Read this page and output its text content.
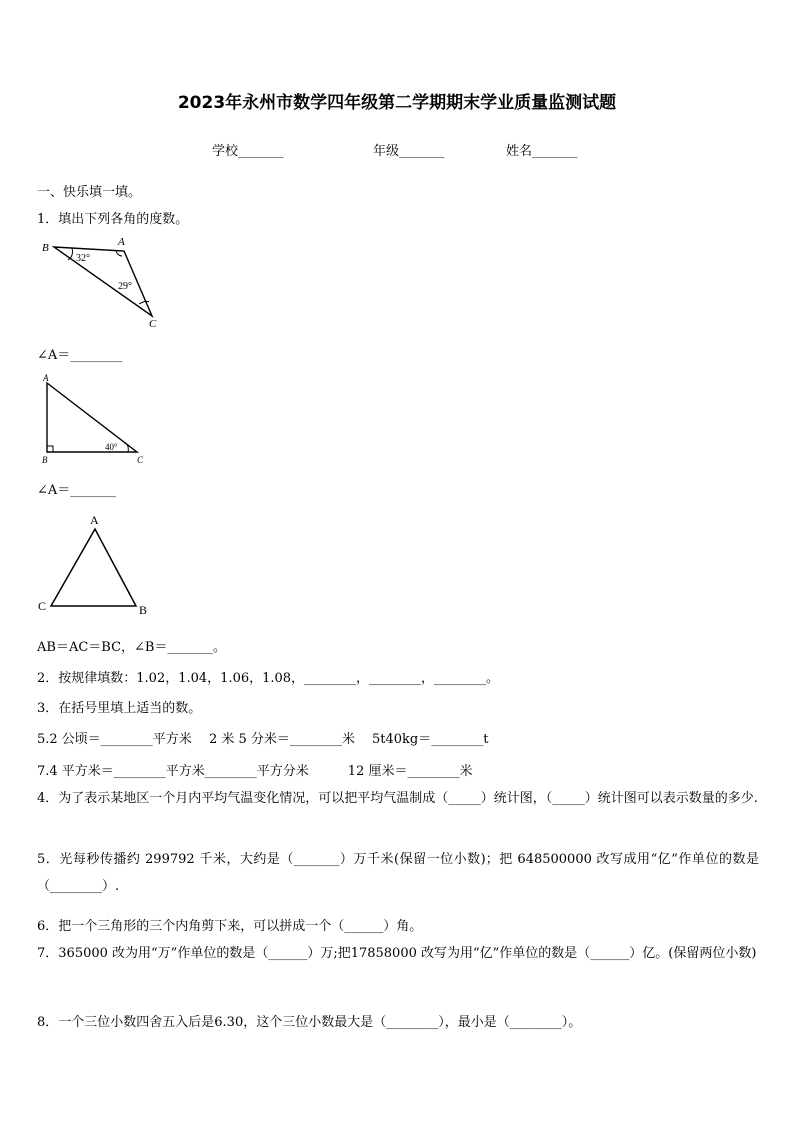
2023年永州市数学四年级第二学期期末学业质量监测试题
学校_______	年级_______	姓名_______
一、快乐填一填。
1．填出下列各角的度数。
B	A
C
32°
29°
∠A＝________
A
B	C
40°
∠A＝_______
A
C	B
AB＝AC＝BC，∠B＝_______。
2．按规律填数：1.02，1.04，1.06，1.08，________，________，________。
3．在括号里填上适当的数。
5.2 公顷＝________平方米　 2 米 5 分米＝________米　 5t40kg＝________t
7.4 平方米＝________平方米________平方分米　　　12 厘米＝________米
4．为了表示某地区一个月内平均气温变化情况，可以把平均气温制成（_____）统计图，（_____）统计图可以表示数量的多少.
5．光每秒传播约 299792 千米，大约是（_______）万千米(保留一位小数)；把 648500000 改写成用“亿”作单位的数是（________）.
6．把一个三角形的三个内角剪下来，可以拼成一个（______）角。
7．365000 改为用“万”作单位的数是（______）万;把17858000 改写为用“亿”作单位的数是（______）亿。(保留两位小数)
8．一个三位小数四舍五入后是6.30，这个三位小数最大是（________），最小是（________）。
